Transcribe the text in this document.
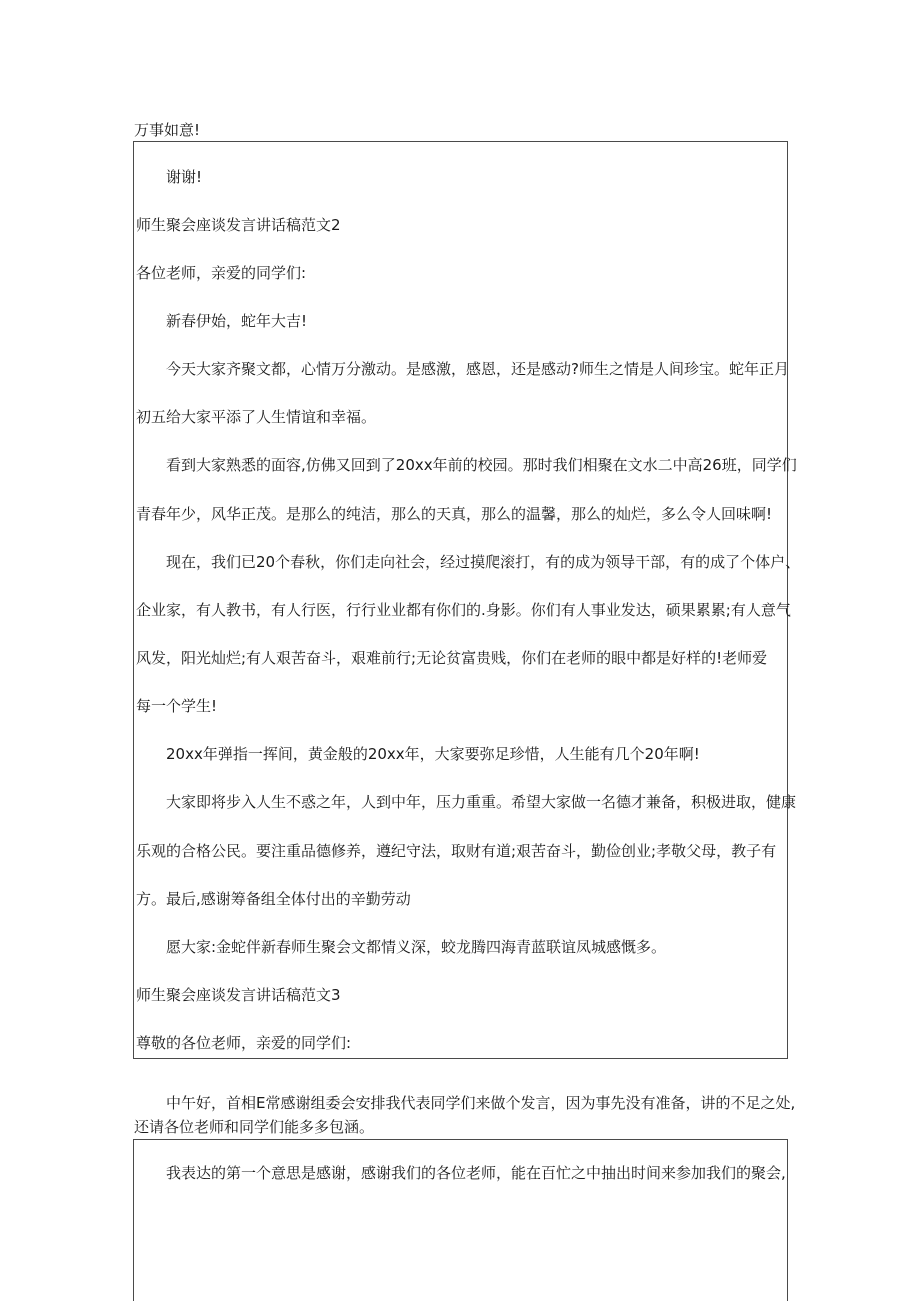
万事如意!
谢谢!
师生聚会座谈发言讲话稿范文2
各位老师，亲爱的同学们:
新春伊始，蛇年大吉!
今天大家齐聚文都，心情万分激动。是感激，感恩，还是感动?师生之情是人间珍宝。蛇年正月
初五给大家平添了人生情谊和幸福。
看到大家熟悉的面容,仿佛又回到了20xx年前的校园。那时我们相聚在文水二中高26班，同学们
青春年少，风华正茂。是那么的纯洁，那么的天真，那么的温馨，那么的灿烂，多么令人回味啊!
现在，我们已20个春秋，你们走向社会，经过摸爬滚打，有的成为领导干部，有的成了个体户、
企业家，有人教书，有人行医，行行业业都有你们的.身影。你们有人事业发达，硕果累累;有人意气
风发，阳光灿烂;有人艰苦奋斗，艰难前行;无论贫富贵贱，你们在老师的眼中都是好样的!老师爱
每一个学生!
20xx年弹指一挥间，黄金般的20xx年，大家要弥足珍惜，人生能有几个20年啊!
大家即将步入人生不惑之年，人到中年，压力重重。希望大家做一名德才兼备，积极进取，健康
乐观的合格公民。要注重品德修养，遵纪守法，取财有道;艰苦奋斗，勤俭创业;孝敬父母，教子有
方。最后,感谢筹备组全体付出的辛勤劳动
愿大家:金蛇伴新春师生聚会文都情义深，蛟龙腾四海青蓝联谊凤城感慨多。
师生聚会座谈发言讲话稿范文3
尊敬的各位老师，亲爱的同学们:
中午好，首相E常感谢组委会安排我代表同学们来做个发言，因为事先没有准备，讲的不足之处,
还请各位老师和同学们能多多包涵。
我表达的第一个意思是感谢，感谢我们的各位老师，能在百忙之中抽出时间来参加我们的聚会,
